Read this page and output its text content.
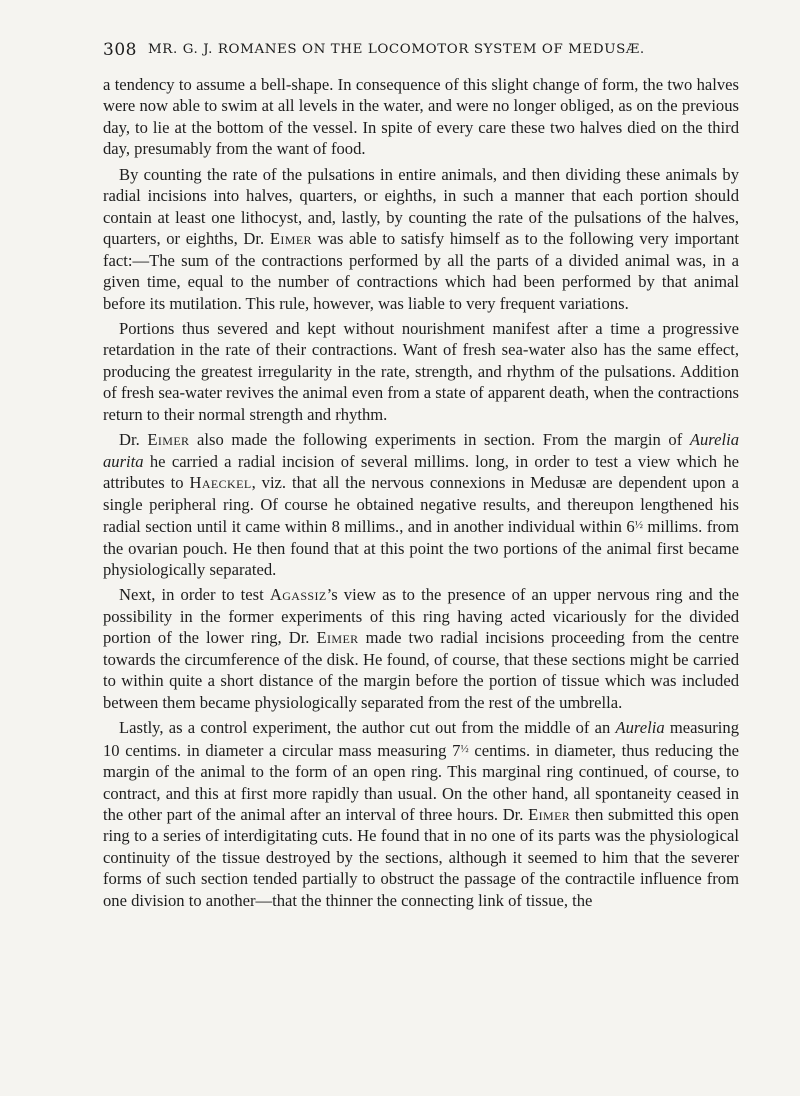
308 MR. G. J. ROMANES ON THE LOCOMOTOR SYSTEM OF MEDUSÆ.

a tendency to assume a bell-shape. In consequence of this slight change of form, the two halves were now able to swim at all levels in the water, and were no longer obliged, as on the previous day, to lie at the bottom of the vessel. In spite of every care these two halves died on the third day, presumably from the want of food.

By counting the rate of the pulsations in entire animals, and then dividing these animals by radial incisions into halves, quarters, or eighths, in such a manner that each portion should contain at least one lithocyst, and, lastly, by counting the rate of the pulsations of the halves, quarters, or eighths, Dr. Eimer was able to satisfy himself as to the following very important fact:—The sum of the contractions performed by all the parts of a divided animal was, in a given time, equal to the number of contractions which had been performed by that animal before its mutilation. This rule, however, was liable to very frequent variations.

Portions thus severed and kept without nourishment manifest after a time a progressive retardation in the rate of their contractions. Want of fresh sea-water also has the same effect, producing the greatest irregularity in the rate, strength, and rhythm of the pulsations. Addition of fresh sea-water revives the animal even from a state of apparent death, when the contractions return to their normal strength and rhythm.

Dr. Eimer also made the following experiments in section. From the margin of Aurelia aurita he carried a radial incision of several millims. long, in order to test a view which he attributes to Haeckel, viz. that all the nervous connexions in Medusæ are dependent upon a single peripheral ring. Of course he obtained negative results, and thereupon lengthened his radial section until it came within 8 millims., and in another individual within $6^{\frac{1}{2}}$ millims. from the ovarian pouch. He then found that at this point the two portions of the animal first became physiologically separated.

Next, in order to test Agassiz’s view as to the presence of an upper nervous ring and the possibility in the former experiments of this ring having acted vicariously for the divided portion of the lower ring, Dr. Eimer made two radial incisions proceeding from the centre towards the circumference of the disk. He found, of course, that these sections might be carried to within quite a short distance of the margin before the portion of tissue which was included between them became physiologically separated from the rest of the umbrella.

Lastly, as a control experiment, the author cut out from the middle of an Aurelia measuring 10 centims. in diameter a circular mass measuring $7^{\frac{1}{2}}$ centims. in diameter, thus reducing the margin of the animal to the form of an open ring. This marginal ring continued, of course, to contract, and this at first more rapidly than usual. On the other hand, all spontaneity ceased in the other part of the animal after an interval of three hours. Dr. Eimer then submitted this open ring to a series of interdigitating cuts. He found that in no one of its parts was the physiological continuity of the tissue destroyed by the sections, although it seemed to him that the severer forms of such section tended partially to obstruct the passage of the contractile influence from one division to another—that the thinner the connecting link of tissue, the
